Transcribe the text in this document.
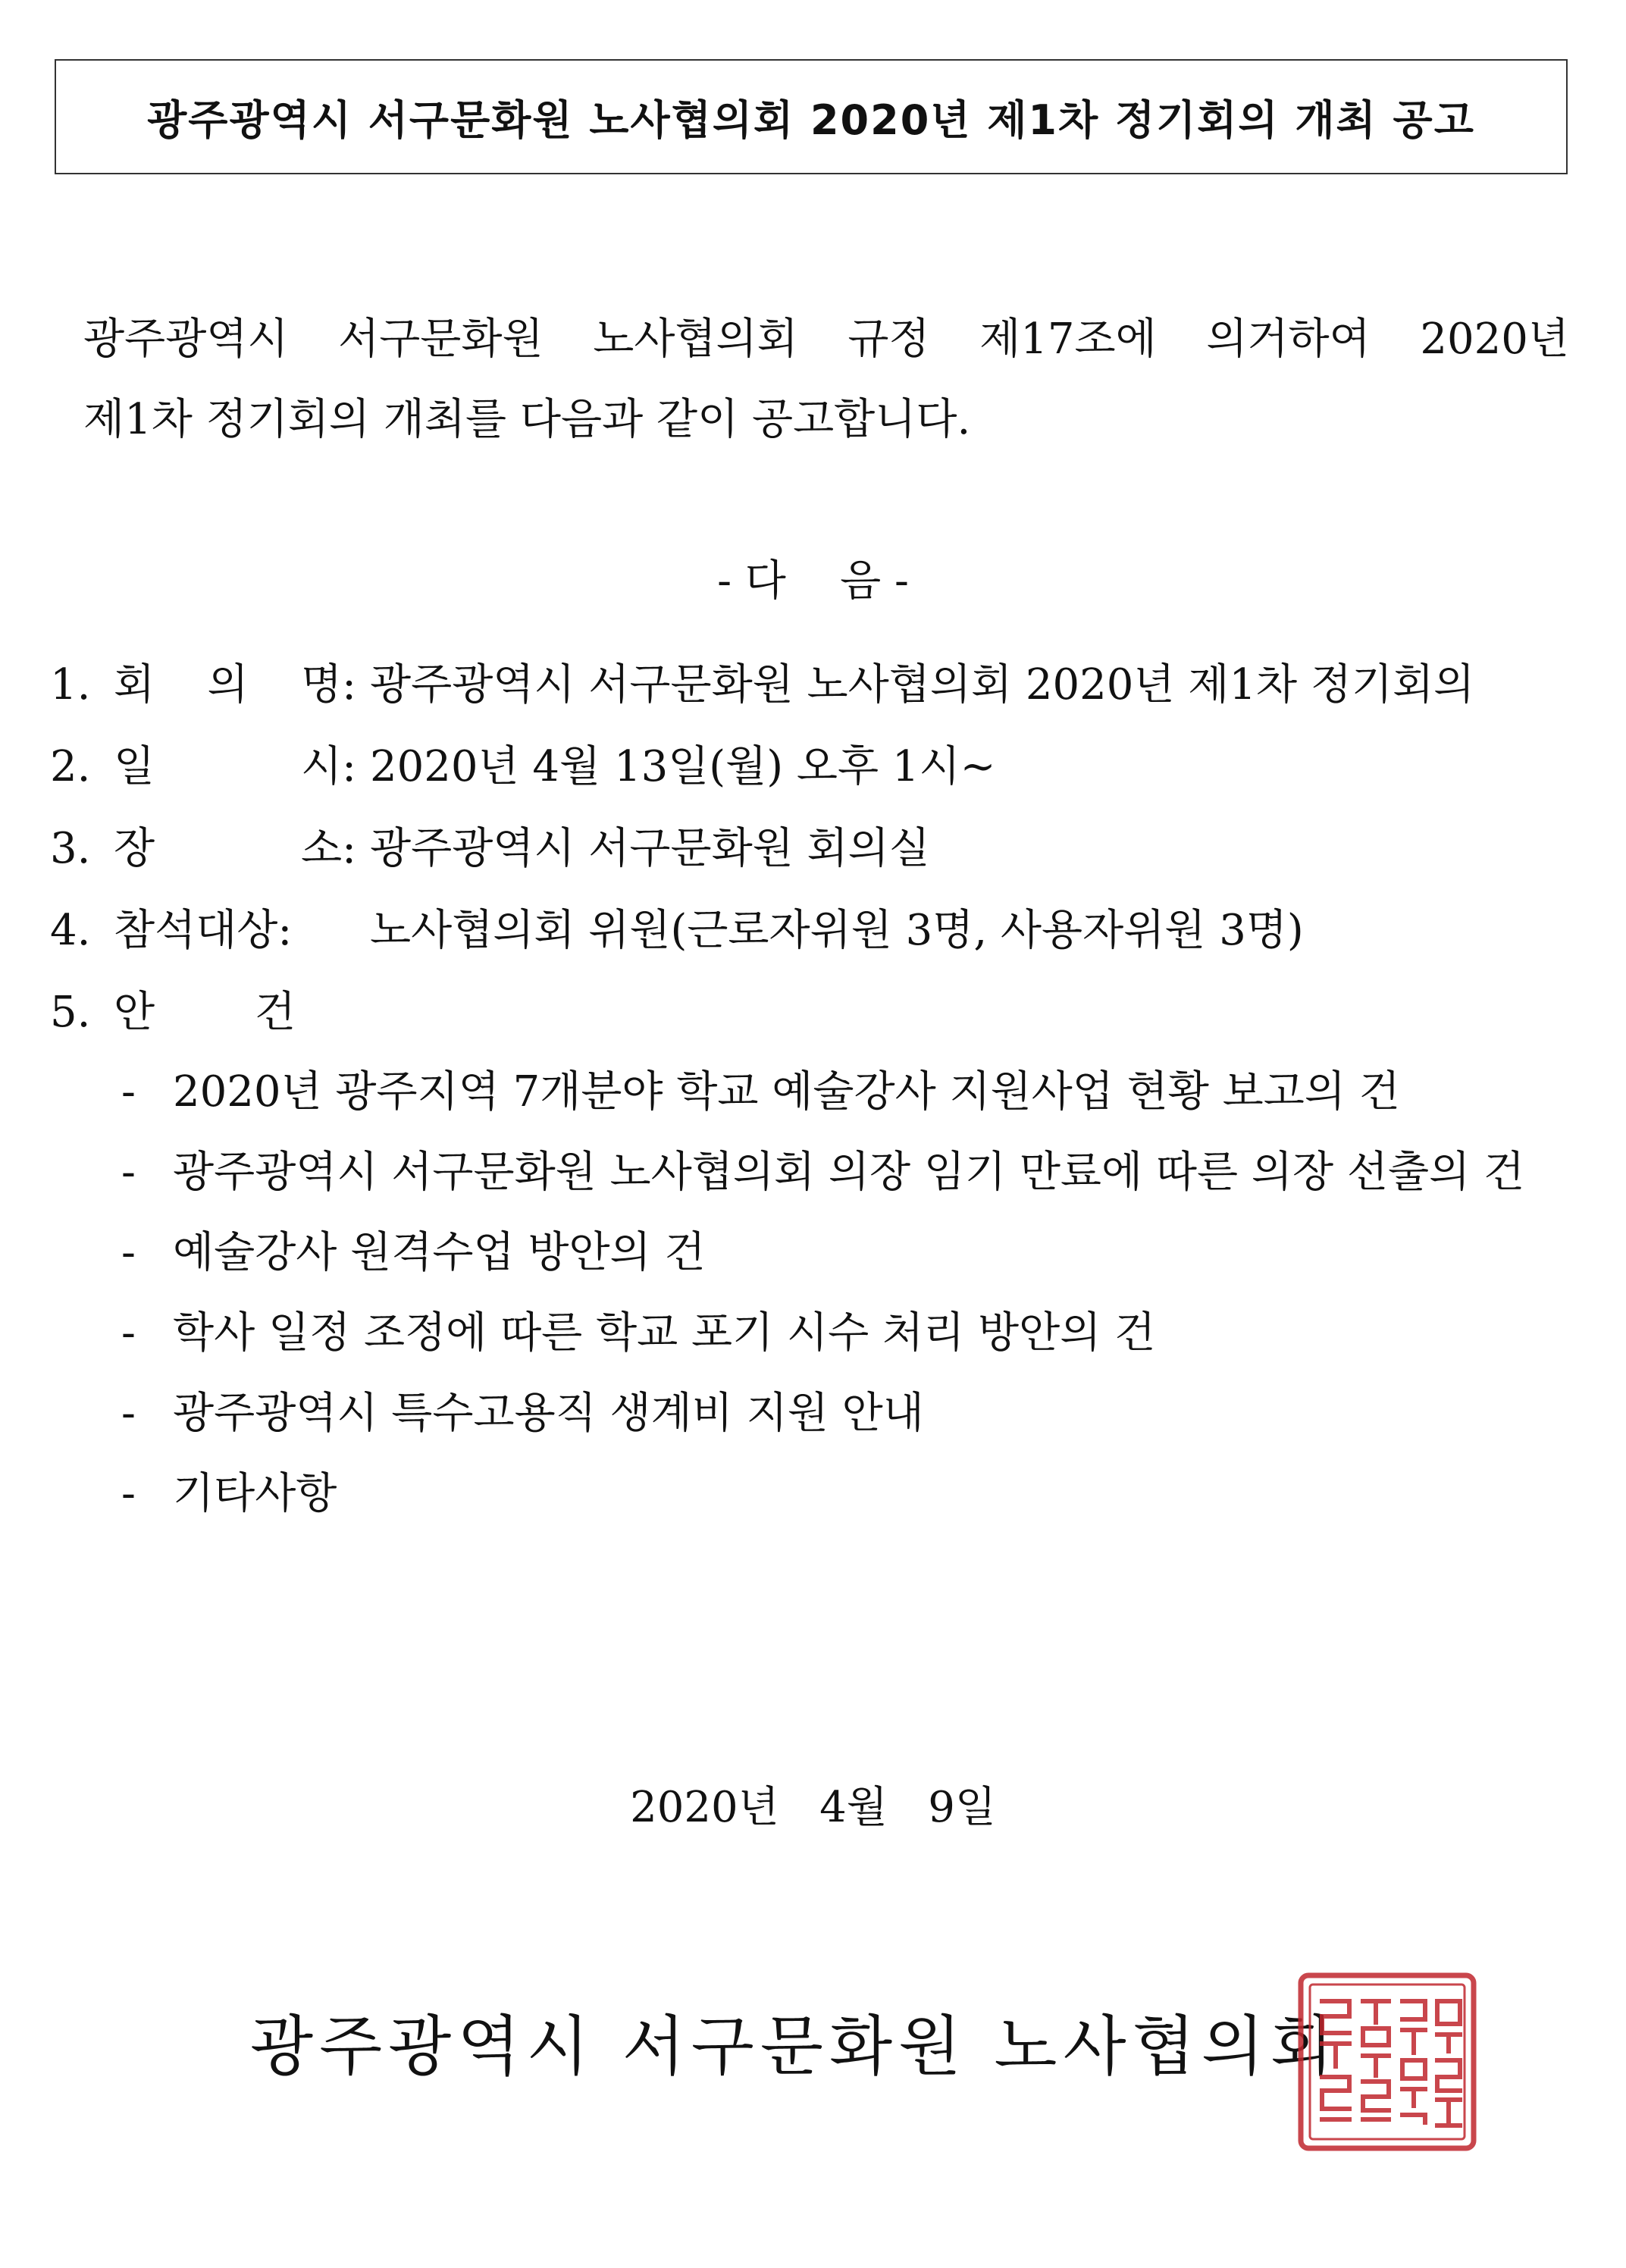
광주광역시 서구문화원 노사협의회 2020년 제1차 정기회의 개최 공고
광주광역시 서구문화원 노사협의회 규정 제17조에 의거하여 2020년
제1차 정기회의 개최를 다음과 같이 공고합니다.
- 다    음 -
1. 회 의 명: 광주광역시 서구문화원 노사협의회 2020년 제1차 정기회의
2. 일	시: 2020년 4월 13일(월) 오후 1시~
3. 장	소: 광주광역시 서구문화원 회의실
4. 참석대상:	노사협의회 위원(근로자위원 3명, 사용자위원 3명)
5. 안 건
- 2020년 광주지역 7개분야 학교 예술강사 지원사업 현황 보고의 건
- 광주광역시 서구문화원 노사협의회 의장 임기 만료에 따른 의장 선출의 건
- 예술강사 원격수업 방안의 건
- 학사 일정 조정에 따른 학교 포기 시수 처리 방안의 건
- 광주광역시 특수고용직 생계비 지원 안내
- 기타사항
2020년   4월   9일
광주광역시 서구문화원 노사협의회
